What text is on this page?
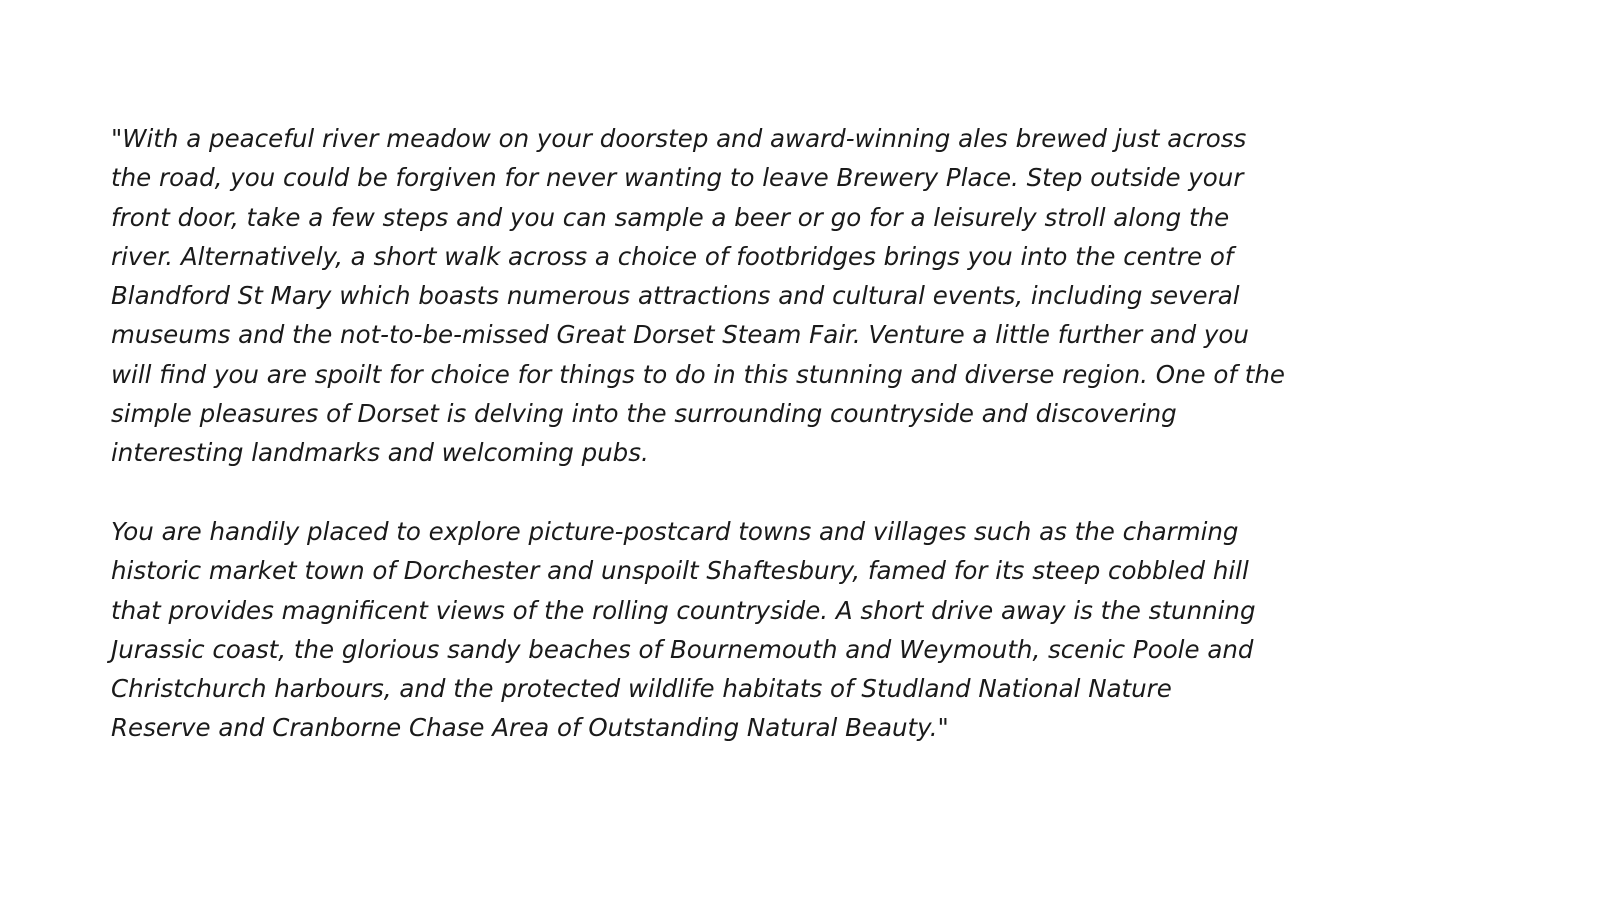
"With a peaceful river meadow on your doorstep and award-winning ales brewed just across
the road, you could be forgiven for never wanting to leave Brewery Place. Step outside your
front door, take a few steps and you can sample a beer or go for a leisurely stroll along the
river. Alternatively, a short walk across a choice of footbridges brings you into the centre of
Blandford St Mary which boasts numerous attractions and cultural events, including several
museums and the not-to-be-missed Great Dorset Steam Fair. Venture a little further and you
will find you are spoilt for choice for things to do in this stunning and diverse region. One of the
simple pleasures of Dorset is delving into the surrounding countryside and discovering
interesting landmarks and welcoming pubs.
You are handily placed to explore picture-postcard towns and villages such as the charming
historic market town of Dorchester and unspoilt Shaftesbury, famed for its steep cobbled hill
that provides magnificent views of the rolling countryside. A short drive away is the stunning
Jurassic coast, the glorious sandy beaches of Bournemouth and Weymouth, scenic Poole and
Christchurch harbours, and the protected wildlife habitats of Studland National Nature
Reserve and Cranborne Chase Area of Outstanding Natural Beauty."
